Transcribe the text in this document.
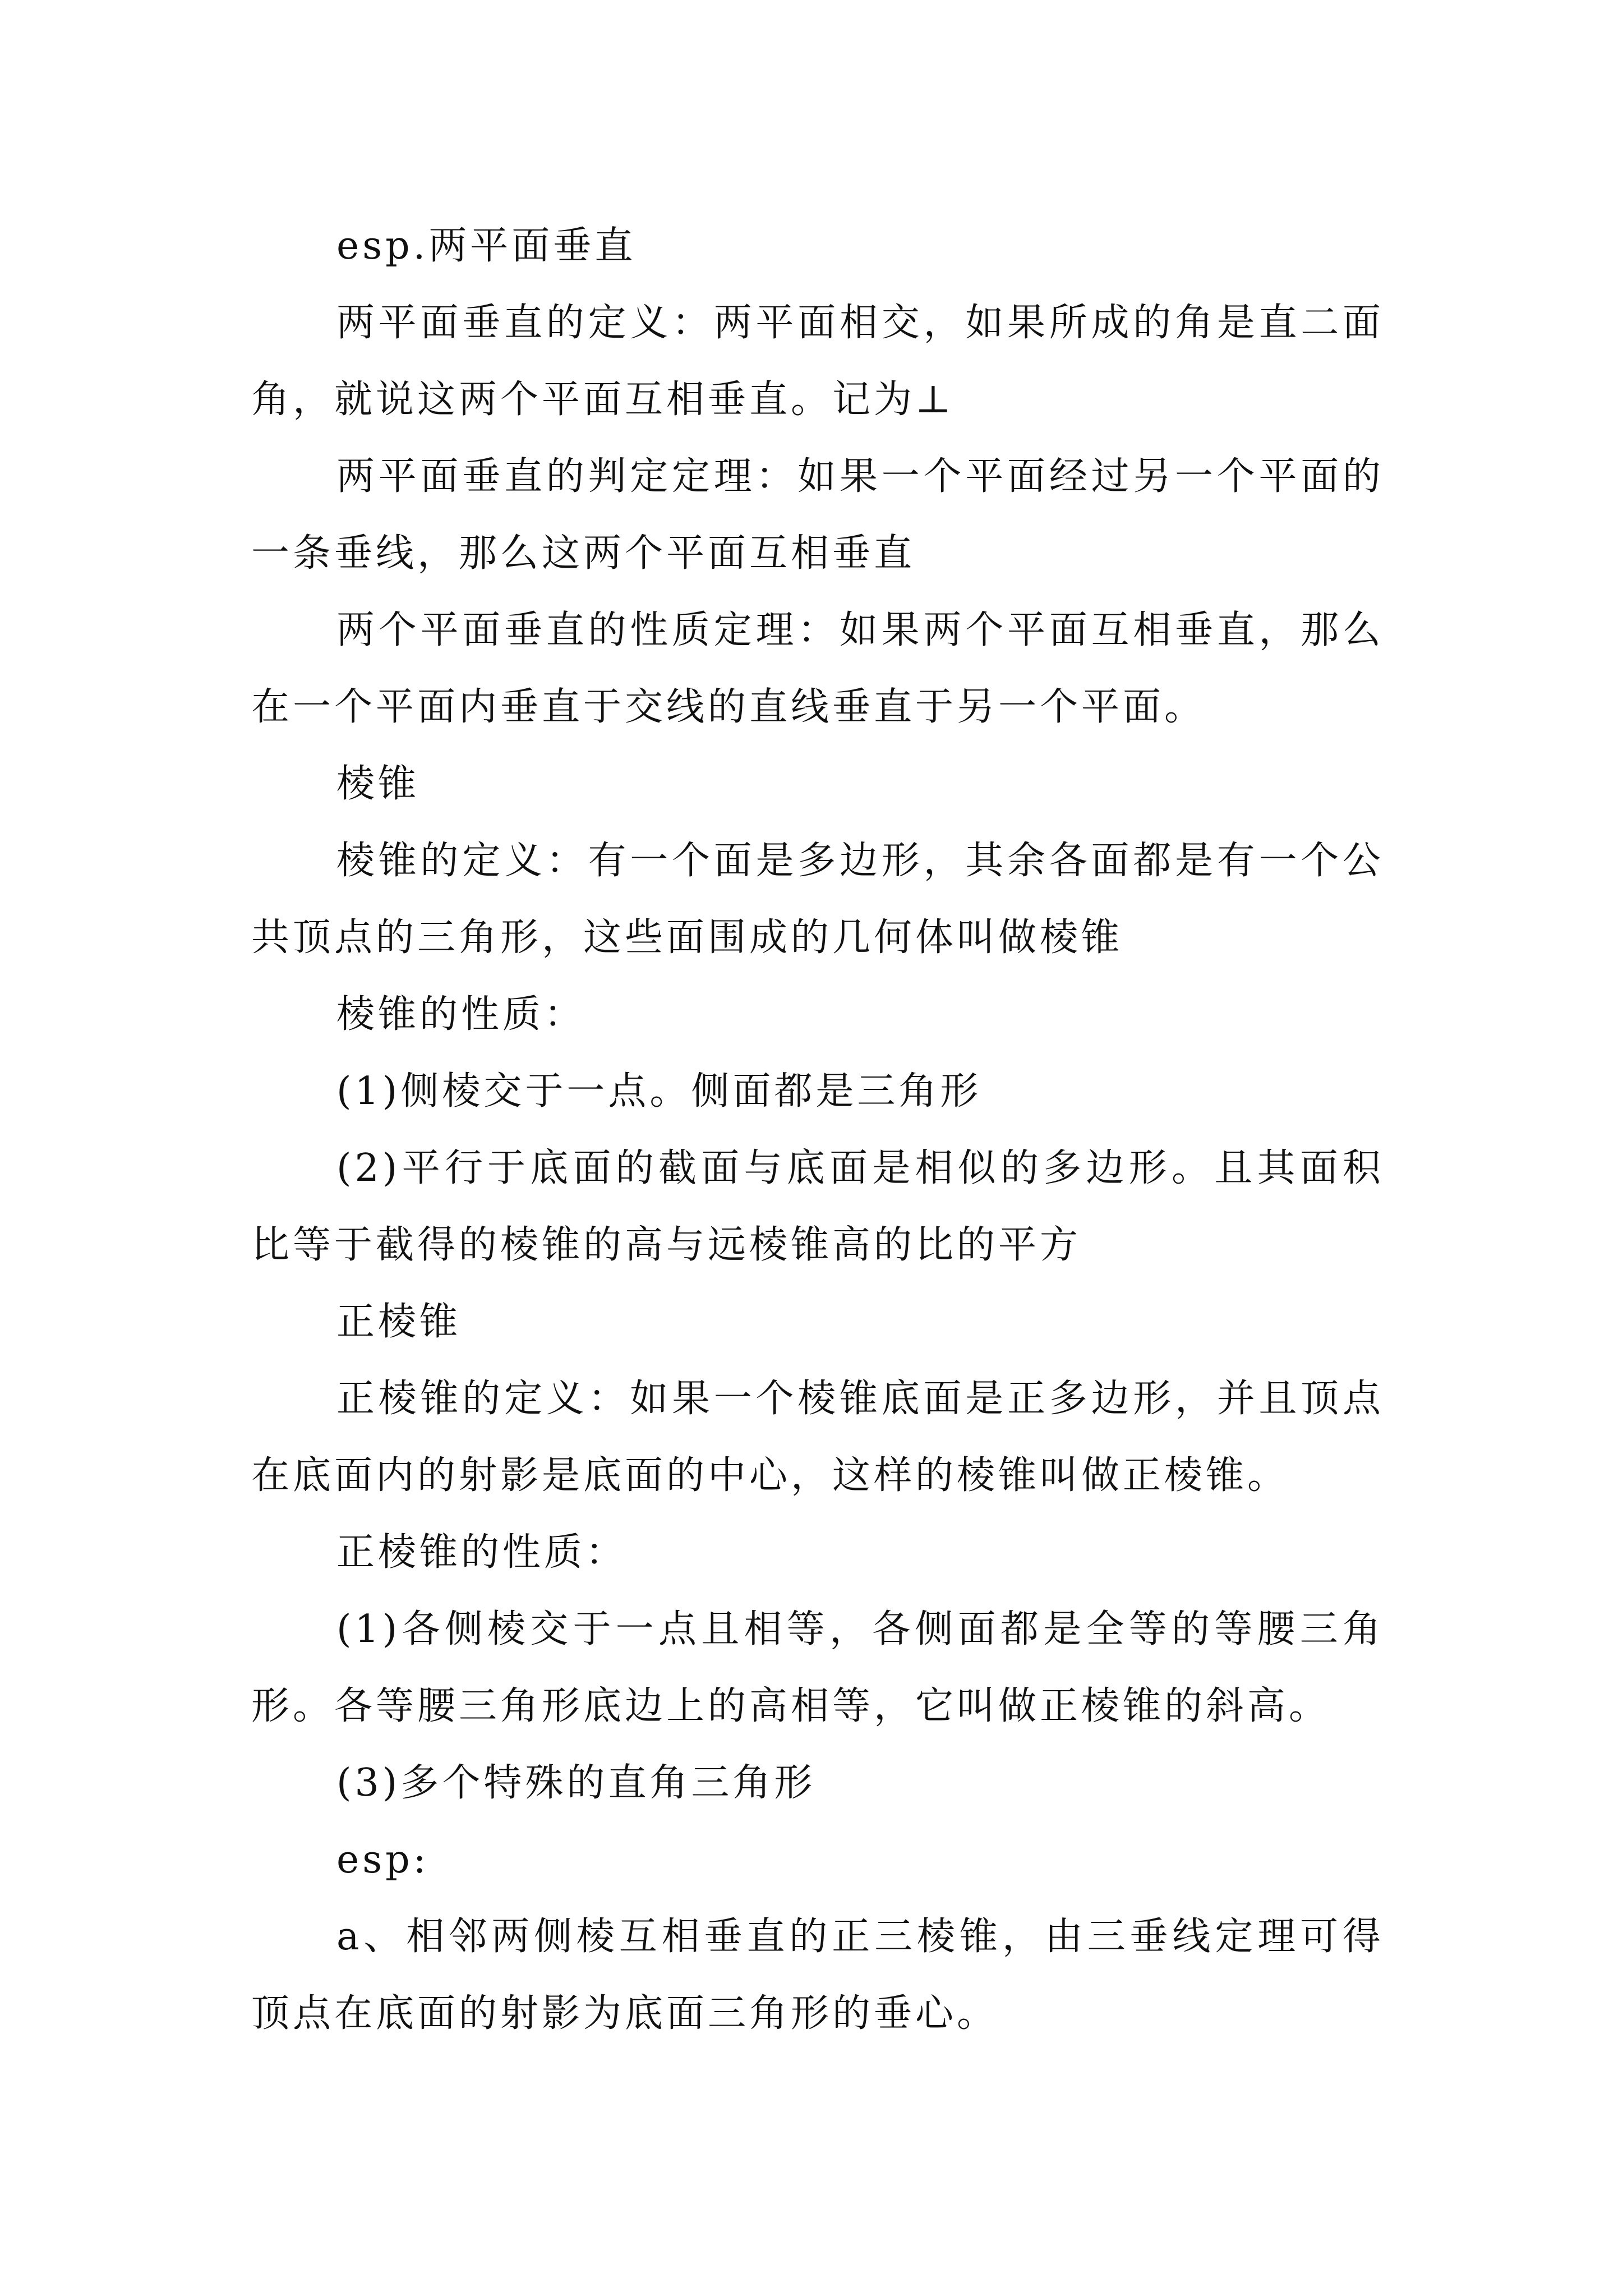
esp.两平面垂直

两平面垂直的定义：两平面相交，如果所成的角是直二面角，就说这两个平面互相垂直。记为⊥

两平面垂直的判定定理：如果一个平面经过另一个平面的一条垂线，那么这两个平面互相垂直

两个平面垂直的性质定理：如果两个平面互相垂直，那么在一个平面内垂直于交线的直线垂直于另一个平面。

棱锥

棱锥的定义：有一个面是多边形，其余各面都是有一个公共顶点的三角形，这些面围成的几何体叫做棱锥

棱锥的性质：

(1)侧棱交于一点。侧面都是三角形

(2)平行于底面的截面与底面是相似的多边形。且其面积比等于截得的棱锥的高与远棱锥高的比的平方

正棱锥

正棱锥的定义：如果一个棱锥底面是正多边形，并且顶点在底面内的射影是底面的中心，这样的棱锥叫做正棱锥。

正棱锥的性质：

(1)各侧棱交于一点且相等，各侧面都是全等的等腰三角形。各等腰三角形底边上的高相等，它叫做正棱锥的斜高。

(3)多个特殊的直角三角形

esp:

a、相邻两侧棱互相垂直的正三棱锥，由三垂线定理可得顶点在底面的射影为底面三角形的垂心。
